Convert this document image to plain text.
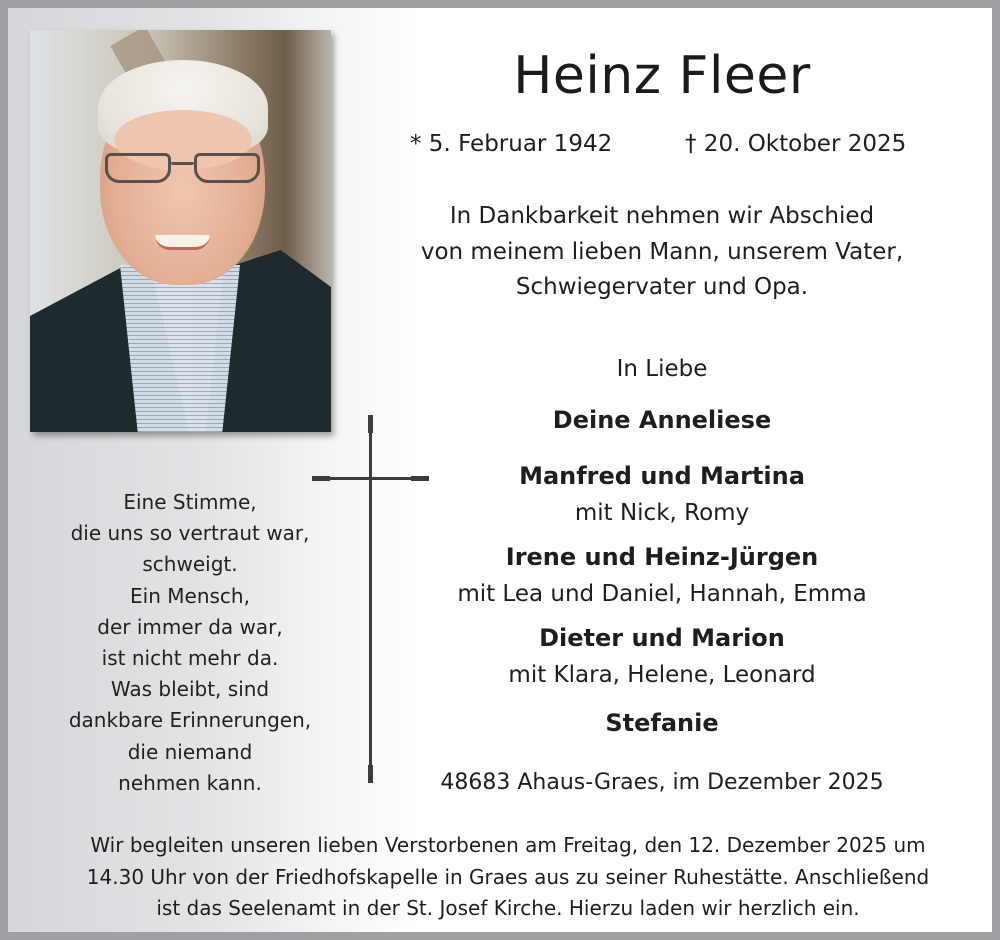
Heinz Fleer
* 5. Februar 1942	† 20. Oktober 2025
In Dankbarkeit nehmen wir Abschied
von meinem lieben Mann, unserem Vater,
Schwiegervater und Opa.
In Liebe
Deine Anneliese
Manfred und Martina
mit Nick, Romy
Irene und Heinz-Jürgen
mit Lea und Daniel, Hannah, Emma
Dieter und Marion
mit Klara, Helene, Leonard
Stefanie
48683 Ahaus-Graes, im Dezember 2025
Eine Stimme,
die uns so vertraut war,
schweigt.
Ein Mensch,
der immer da war,
ist nicht mehr da.
Was bleibt, sind
dankbare Erinnerungen,
die niemand
nehmen kann.
Wir begleiten unseren lieben Verstorbenen am Freitag, den 12. Dezember 2025 um
14.30 Uhr von der Friedhofskapelle in Graes aus zu seiner Ruhestätte. Anschließend
ist das Seelenamt in der St. Josef Kirche. Hierzu laden wir herzlich ein.
